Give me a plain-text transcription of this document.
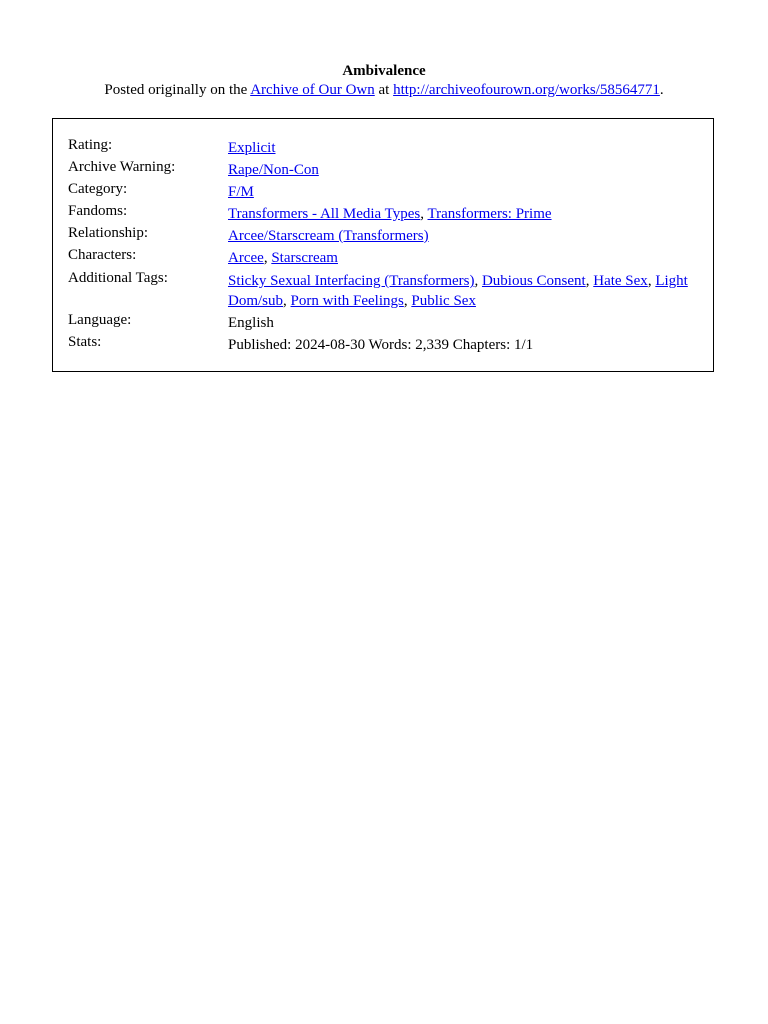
Ambivalence
Posted originally on the Archive of Our Own at http://archiveofourown.org/works/58564771.
Rating:	Explicit
Archive Warning:	Rape/Non-Con
Category:	F/M
Fandoms:	Transformers - All Media Types, Transformers: Prime
Relationship:	Arcee/Starscream (Transformers)
Characters:	Arcee, Starscream
Additional Tags:	Sticky Sexual Interfacing (Transformers), Dubious Consent, Hate Sex, Light Dom/sub, Porn with Feelings, Public Sex
Language:	English
Stats:	Published: 2024-08-30 Words: 2,339 Chapters: 1/1
